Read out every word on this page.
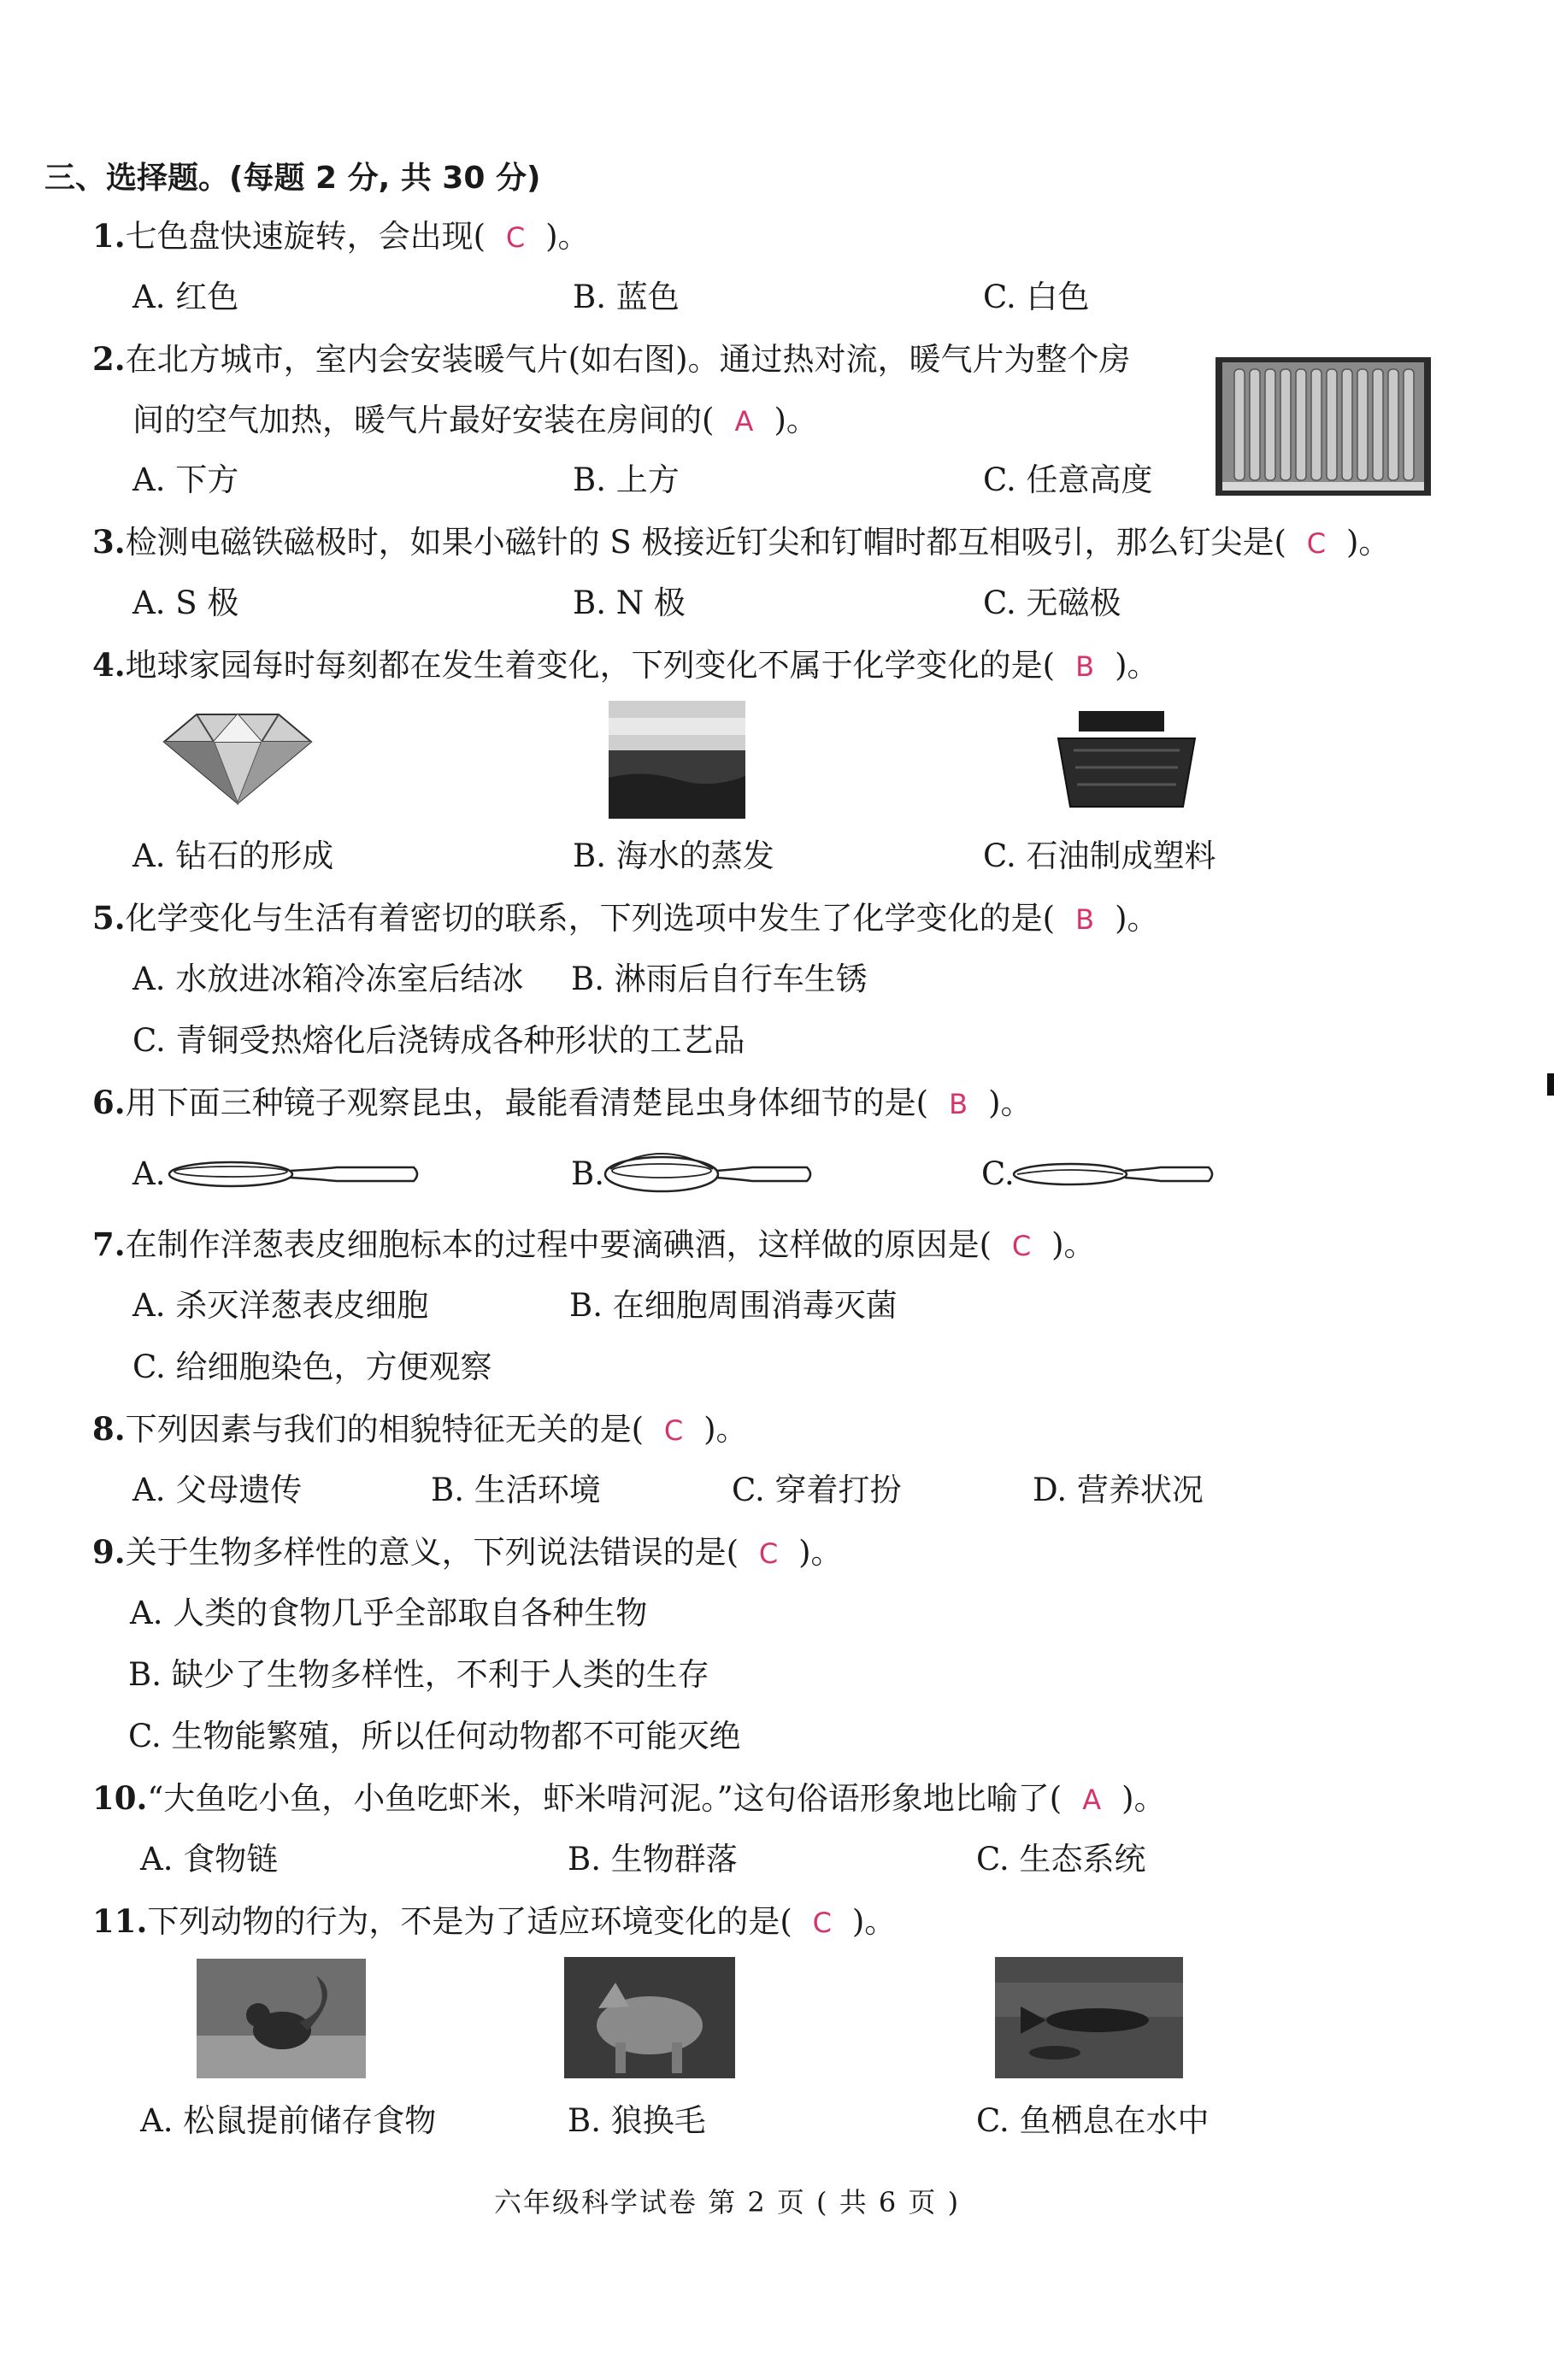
三、选择题。(每题 2 分, 共 30 分)
1.七色盘快速旋转，会出现( C )。
A. 红色	B. 蓝色	C. 白色
2.在北方城市，室内会安装暖气片(如右图)。通过热对流，暖气片为整个房
间的空气加热，暖气片最好安装在房间的( A )。
A. 下方	B. 上方	C. 任意高度
3.检测电磁铁磁极时，如果小磁针的 S 极接近钉尖和钉帽时都互相吸引，那么钉尖是( C )。
A. S 极	B. N 极	C. 无磁极
4.地球家园每时每刻都在发生着变化，下列变化不属于化学变化的是( B )。
A. 钻石的形成	B. 海水的蒸发	C. 石油制成塑料
5.化学变化与生活有着密切的联系，下列选项中发生了化学变化的是( B )。
A. 水放进冰箱冷冻室后结冰 B. 淋雨后自行车生锈
C. 青铜受热熔化后浇铸成各种形状的工艺品
6.用下面三种镜子观察昆虫，最能看清楚昆虫身体细节的是( B )。
A.	B.	C.
7.在制作洋葱表皮细胞标本的过程中要滴碘酒，这样做的原因是( C )。
A. 杀灭洋葱表皮细胞	B. 在细胞周围消毒灭菌
C. 给细胞染色，方便观察
8.下列因素与我们的相貌特征无关的是( C )。
A. 父母遗传	B. 生活环境	C. 穿着打扮	D. 营养状况
9.关于生物多样性的意义，下列说法错误的是( C )。
A. 人类的食物几乎全部取自各种生物
B. 缺少了生物多样性，不利于人类的生存
C. 生物能繁殖，所以任何动物都不可能灭绝
10.“大鱼吃小鱼，小鱼吃虾米，虾米啃河泥。”这句俗语形象地比喻了( A )。
A. 食物链	B. 生物群落	C. 生态系统
11.下列动物的行为，不是为了适应环境变化的是( C )。
A. 松鼠提前储存食物	B. 狼换毛	C. 鱼栖息在水中
六年级科学试卷 第 2 页 ( 共 6 页 )
